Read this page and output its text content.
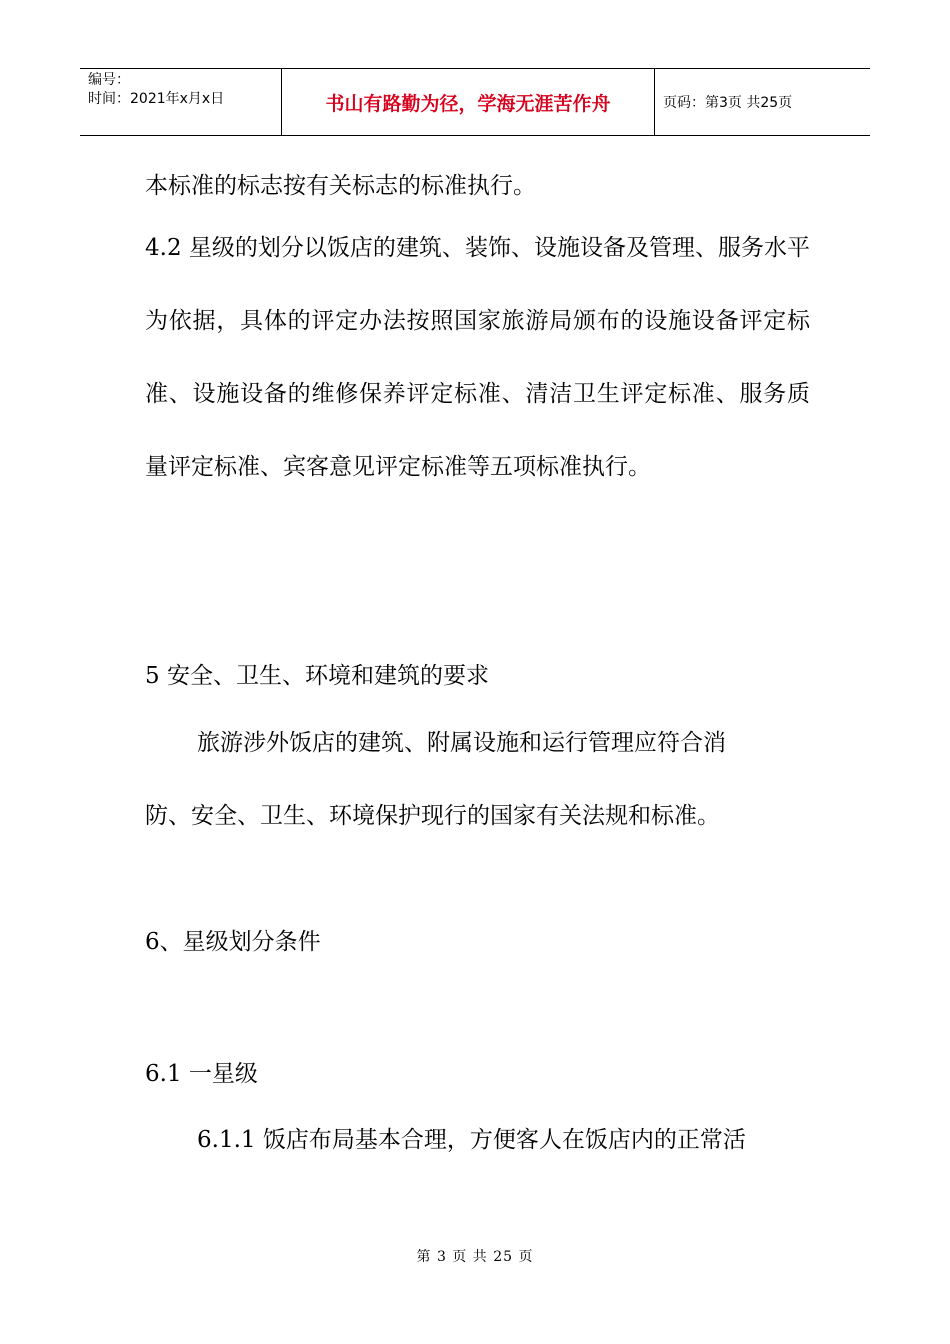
编号：
时间：2021年x月x日	书山有路勤为径，学海无涯苦作舟	页码：第3页 共25页
本标准的标志按有关标志的标准执行。
4.2 星级的划分以饭店的建筑、装饰、设施设备及管理、服务水平为依据，具体的评定办法按照国家旅游局颁布的设施设备评定标准、设施设备的维修保养评定标准、清洁卫生评定标准、服务质量评定标准、宾客意见评定标准等五项标准执行。
5 安全、卫生、环境和建筑的要求
旅游涉外饭店的建筑、附属设施和运行管理应符合消
防、安全、卫生、环境保护现行的国家有关法规和标准。
6、星级划分条件
6.1 一星级
6.1.1 饭店布局基本合理，方便客人在饭店内的正常活
第 3 页 共 25 页
